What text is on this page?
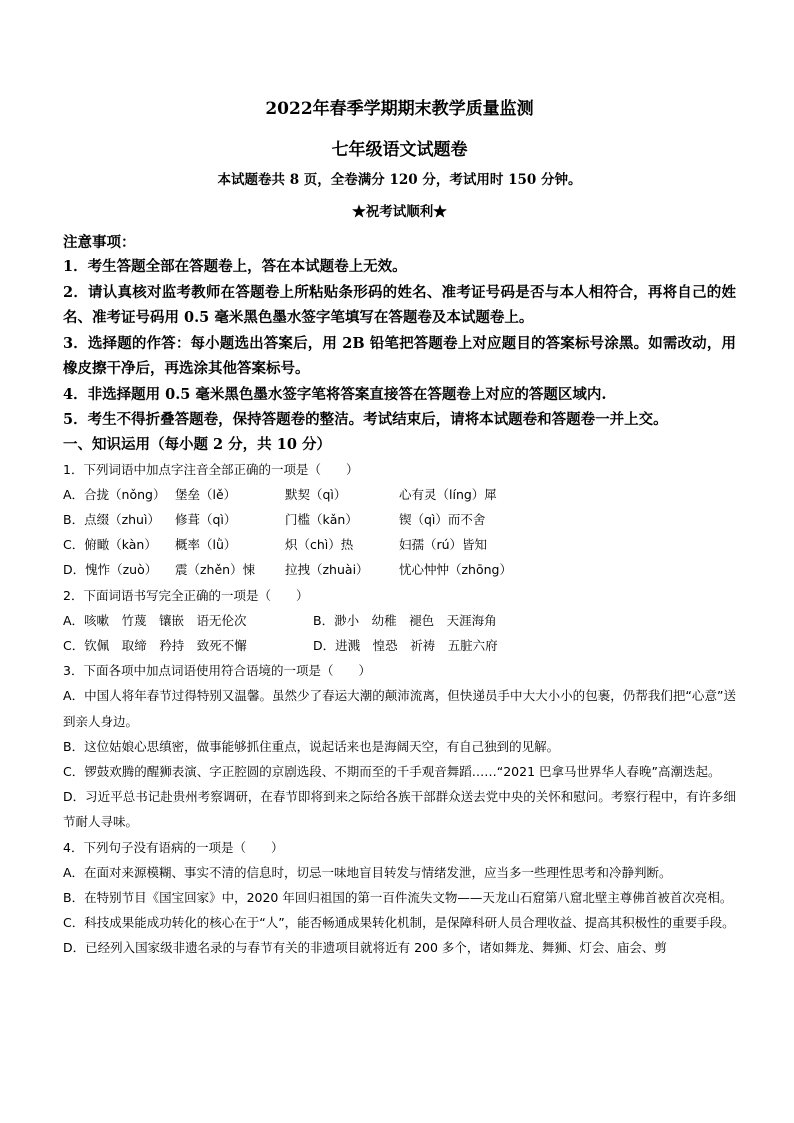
2022年春季学期期末教学质量监测
七年级语文试题卷
本试题卷共 8 页，全卷满分 120 分，考试用时 150 分钟。
★祝考试顺利★
注意事项：
1．考生答题全部在答题卷上，答在本试题卷上无效。
2．请认真核对监考教师在答题卷上所粘贴条形码的姓名、准考证号码是否与本人相符合，再将自己的姓名、准考证号码用 0.5 毫米黑色墨水签字笔填写在答题卷及本试题卷上。
3．选择题的作答：每小题选出答案后，用 2B 铅笔把答题卷上对应题目的答案标号涂黑。如需改动，用橡皮擦干净后，再选涂其他答案标号。
4．非选择题用 0.5 毫米黑色墨水签字笔将答案直接答在答题卷上对应的答题区域内.
5．考生不得折叠答题卷，保持答题卷的整洁。考试结束后，请将本试题卷和答题卷一并上交。
一、知识运用（每小题 2 分，共 10 分）

1．下列词语中加点字注音全部正确的一项是（　　）

A．合拢（nǒng） 堡垒（lě）	默契（qì）	心有灵（líng）犀
B．点缀（zhuì）	修葺（qì）	门槛（kǎn）	锲（qì）而不舍
C．俯瞰（kàn）	概率（lǜ）	炽（chì）热	妇孺（rú）皆知
D．愧怍（zuò）	震（zhěn）悚	拉拽（zhuài）	忧心忡忡（zhōng）

2．下面词语书写完全正确的一项是（　　）

A．咳嗽　竹蔑　镶嵌　语无伦次	B．渺小　幼稚　褪色　天涯海角
C．钦佩　取缔　矜持　致死不懈	D．进溅　惶恐　祈祷　五脏六府

3．下面各项中加点词语使用符合语境的一项是（　　）

A．中国人将年春节过得特别又温馨。虽然少了春运大潮的颠沛流离，但快递员手中大大小小的包裹，仍帮我们把“心意”送到亲人身边。

B．这位姑娘心思缜密，做事能够抓住重点，说起话来也是海阔天空，有自己独到的见解。

C．锣鼓欢腾的醒狮表演、字正腔圆的京剧选段、不期而至的千手观音舞蹈……“2021 巴拿马世界华人春晚”高潮迭起。

D．习近平总书记赴贵州考察调研，在春节即将到来之际给各族干部群众送去党中央的关怀和慰问。考察行程中，有许多细节耐人寻味。

4．下列句子没有语病的一项是（　　）

A．在面对来源模糊、事实不清的信息时，切忌一味地盲目转发与情绪发泄，应当多一些理性思考和冷静判断。

B．在特别节目《国宝回家》中，2020 年回归祖国的第一百件流失文物——天龙山石窟第八窟北壁主尊佛首被首次亮相。

C．科技成果能成功转化的核心在于“人”，能否畅通成果转化机制，是保障科研人员合理收益、提高其积极性的重要手段。

D．已经列入国家级非遗名录的与春节有关的非遗项目就将近有 200 多个，诸如舞龙、舞狮、灯会、庙会、剪
